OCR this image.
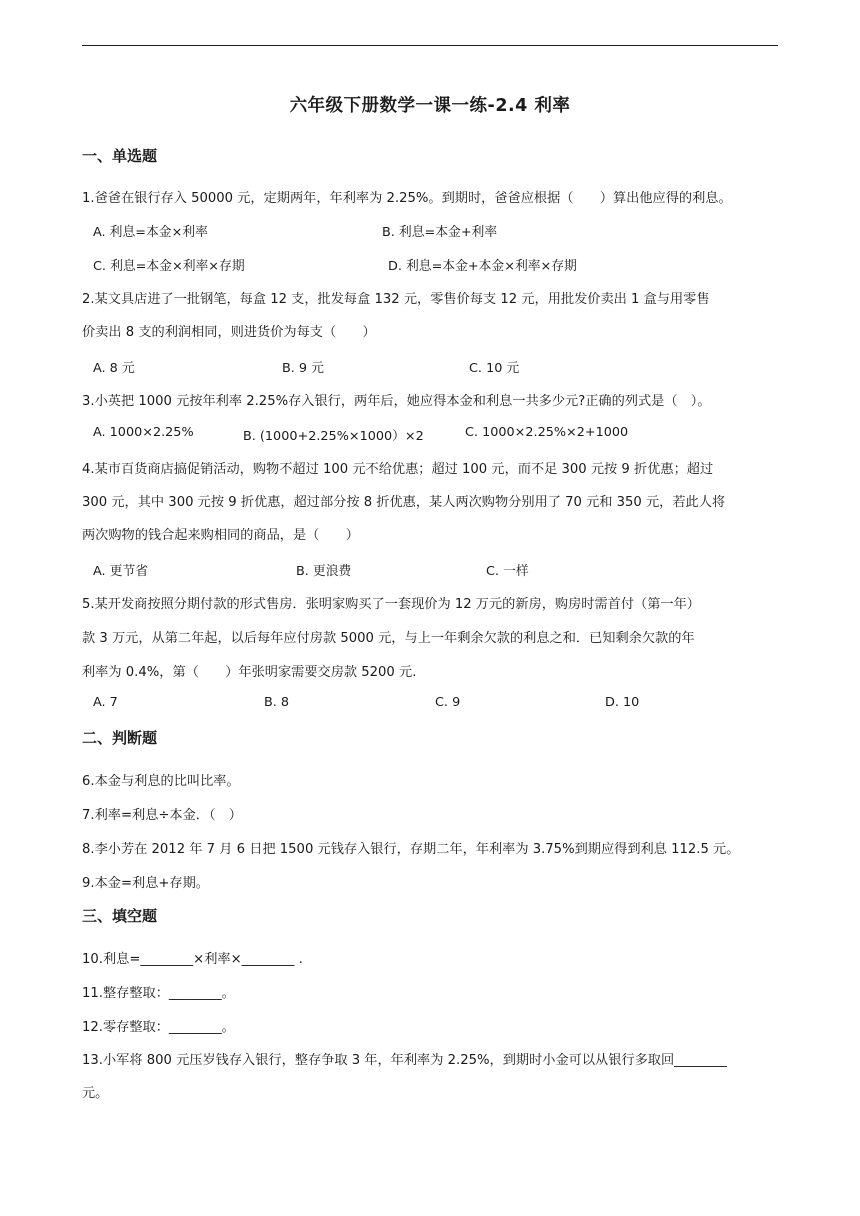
六年级下册数学一课一练-2.4 利率
一、单选题
1.爸爸在银行存入 50000 元，定期两年，年利率为 2.25%。到期时，爸爸应根据（　　）算出他应得的利息。
A. 利息=本金×利率	B. 利息=本金+利率
C. 利息=本金×利率×存期	D. 利息=本金+本金×利率×存期
2.某文具店进了一批钢笔，每盒 12 支，批发每盒 132 元，零售价每支 12 元，用批发价卖出 1 盒与用零售
价卖出 8 支的利润相同，则进货价为每支（　　）
A. 8 元	B. 9 元	C. 10 元
3.小英把 1000 元按年利率 2.25%存入银行，两年后，她应得本金和利息一共多少元?正确的列式是（　）。
A. 1000×2.25%	B. (1000+2.25%×1000）×2	C. 1000×2.25%×2+1000
4.某市百货商店搞促销活动，购物不超过 100 元不给优惠；超过 100 元，而不足 300 元按 9 折优惠；超过
300 元，其中 300 元按 9 折优惠，超过部分按 8 折优惠，某人两次购物分别用了 70 元和 350 元，若此人将
两次购物的钱合起来购相同的商品，是（　　）
A. 更节省	B. 更浪费	C. 一样
5.某开发商按照分期付款的形式售房．张明家购买了一套现价为 12 万元的新房，购房时需首付（第一年）
款 3 万元，从第二年起，以后每年应付房款 5000 元，与上一年剩余欠款的利息之和．已知剩余欠款的年
利率为 0.4%，第（　　）年张明家需要交房款 5200 元.
A. 7	B. 8	C. 9	D. 10
二、判断题
6.本金与利息的比叫比率。
7.利率=利息÷本金．（　）
8.李小芳在 2012 年 7 月 6 日把 1500 元钱存入银行，存期二年，年利率为 3.75%到期应得到利息 112.5 元。
9.本金=利息+存期。
三、填空题
10.利息=________×利率×________ .
11.整存整取：________。
12.零存整取：________。
13.小军将 800 元压岁钱存入银行，整存争取 3 年，年利率为 2.25%，到期时小金可以从银行多取回________
元。
